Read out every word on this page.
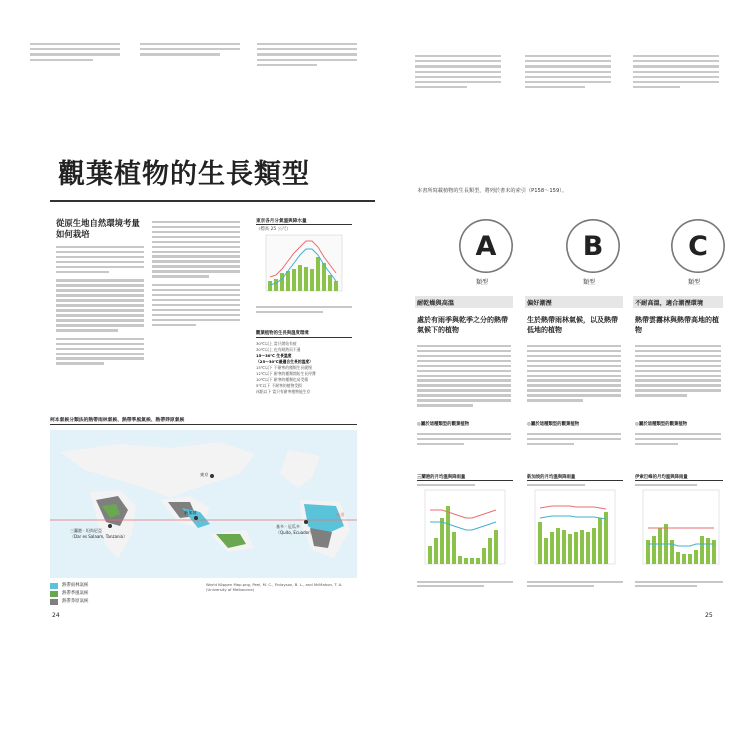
觀葉植物的生長類型
從原生地自然環境考量如何栽培
東京各月分氣溫與降水量
（標高 25 公尺）
觀葉植物的生長與溫度環境
30℃以上 當只開始有疲
30℃以上 也有耐熱而不通
15〜30℃ 生長溫度
（25〜30℃最適合生長的溫度）
15℃以下 不耐寒的種類生長緩慢
12℃以下 耐寒的種類開始生長停滯
10℃以下 耐寒的種類也易受傷
5℃以下 不耐寒的植物受損
冰點以下 當只有耐寒植物能生存
柯本氣候分類法的熱帶雨林氣候、熱帶季風氣候、熱帶莽原氣候
東京
三蘭港 · 坦尚尼亞
（Dar es Salaam, Tanzania）
新加坡
基多 · 厄瓜多
（Quito, Ecuador）
赤道
熱帶雨林氣候
熱帶季風氣候
熱帶莽原氣候
World Köppen Map.png, Peel, M. C., Finlayson, B. L., and McMahon, T. A. (University of Melbourne)
24
本書所寫載植物的生長類型，將列於書末的索引（P158〜159）。
A
類型
耐乾燥與高溫
處於有雨季與乾季之分的熱帶氣候下的植物
◎屬於這種類型的觀葉植物
B
類型
偏好潮溼
生於熱帶雨林氣候，以及熱帶低地的植物
◎屬於這種類型的觀葉植物
C
類型
不耐高溫，適合潮溼環境
熱帶雲霧林與熱帶高地的植物
◎屬於這種類型的觀葉植物
三蘭港的月均溫與降雨量	新加坡的月均溫與降雨量	伊索巴峰的月均溫與降雨量
25
